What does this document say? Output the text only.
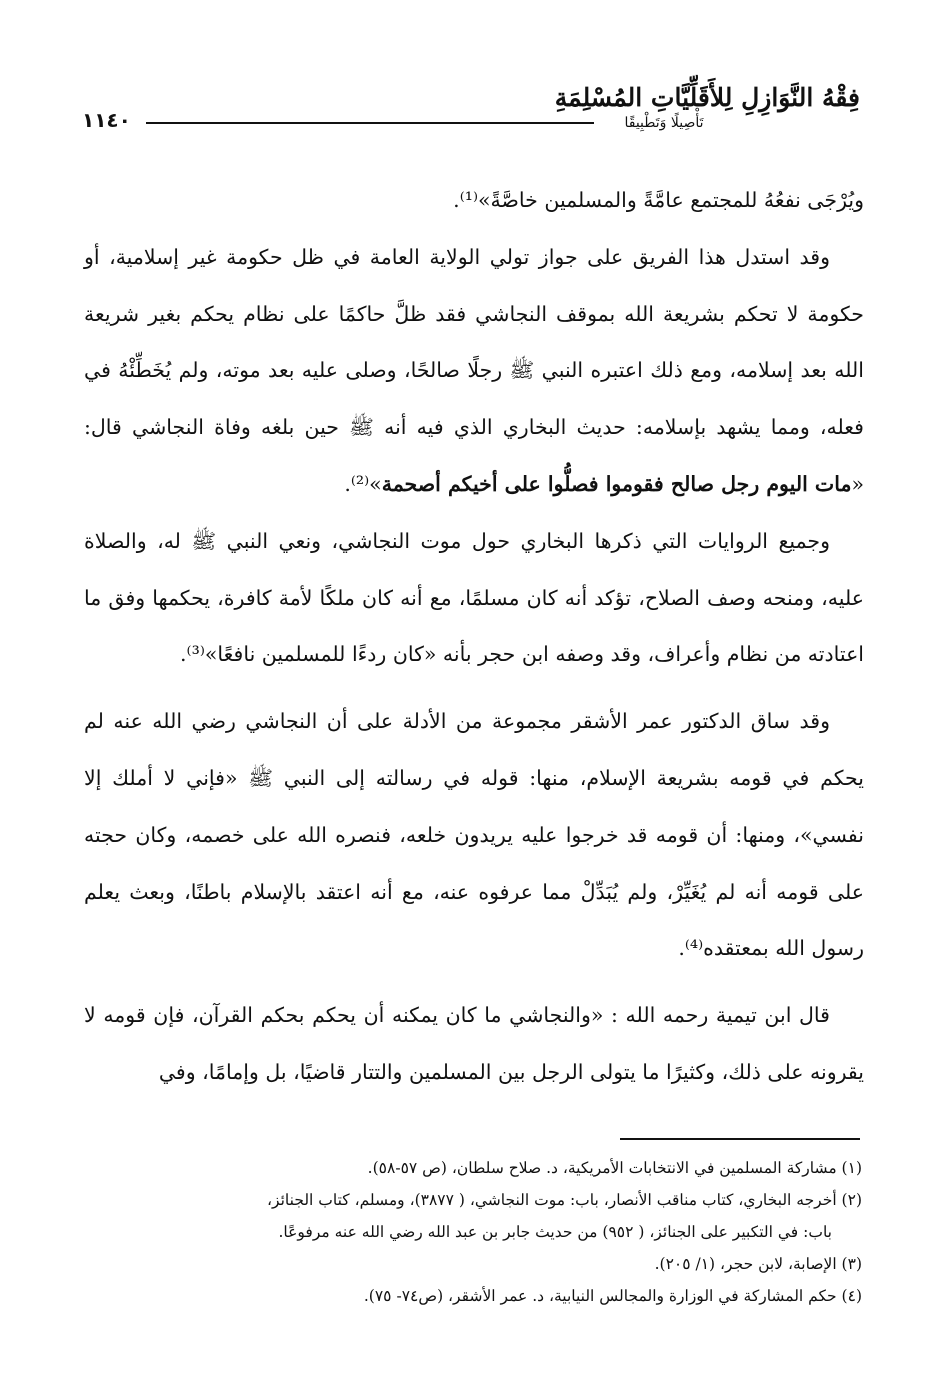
١١٤٠
فِقْهُ النَّوَازِلِ لِلأَقَلِّيَّاتِ المُسْلِمَةِ
تَأْصِيلًا وَتَطْبِيقًا

ويُرْجَى نفعُهُ للمجتمع عامَّةً والمسلمين خاصَّةً»⁽¹⁾.

وقد استدل هذا الفريق على جواز تولي الولاية العامة في ظل حكومة غير إسلامية، أو حكومة لا تحكم بشريعة الله بموقف النجاشي فقد ظلَّ حاكمًا على نظام يحكم بغير شريعة الله بعد إسلامه، ومع ذلك اعتبره النبي ﷺ رجلًا صالحًا، وصلى عليه بعد موته، ولم يُخَطِّئْهُ في فعله، ومما يشهد بإسلامه: حديث البخاري الذي فيه أنه ﷺ حين بلغه وفاة النجاشي قال: «مات اليوم رجل صالح فقوموا فصلُّوا على أخيكم أصحمة»⁽²⁾.

وجميع الروايات التي ذكرها البخاري حول موت النجاشي، ونعي النبي ﷺ له، والصلاة عليه، ومنحه وصف الصلاح، تؤكد أنه كان مسلمًا، مع أنه كان ملكًا لأمة كافرة، يحكمها وفق ما اعتادته من نظام وأعراف، وقد وصفه ابن حجر بأنه «كان ردءًا للمسلمين نافعًا»⁽³⁾.

وقد ساق الدكتور عمر الأشقر مجموعة من الأدلة على أن النجاشي رضي الله عنه لم يحكم في قومه بشريعة الإسلام، منها: قوله في رسالته إلى النبي ﷺ «فإني لا أملك إلا نفسي»، ومنها: أن قومه قد خرجوا عليه يريدون خلعه، فنصره الله على خصمه، وكان حجته على قومه أنه لم يُغَيِّرْ، ولم يُبَدِّلْ مما عرفوه عنه، مع أنه اعتقد بالإسلام باطنًا، وبعث يعلم رسول الله بمعتقده⁽⁴⁾.

قال ابن تيمية رحمه الله : «والنجاشي ما كان يمكنه أن يحكم بحكم القرآن، فإن قومه لا يقرونه على ذلك، وكثيرًا ما يتولى الرجل بين المسلمين والتتار قاضيًا، بل وإمامًا، وفي

(١) مشاركة المسلمين في الانتخابات الأمريكية، د. صلاح سلطان، (ص ٥٧-٥٨).

(٢) أخرجه البخاري، كتاب مناقب الأنصار، باب: موت النجاشي، ( ٣٨٧٧)، ومسلم، كتاب الجنائز،

باب: في التكبير على الجنائز، ( ٩٥٢) من حديث جابر بن عبد الله رضي الله عنه مرفوعًا.

(٣) الإصابة، لابن حجر، (١/ ٢٠٥).

(٤) حكم المشاركة في الوزارة والمجالس النيابية، د. عمر الأشقر، (ص٧٤- ٧٥).
